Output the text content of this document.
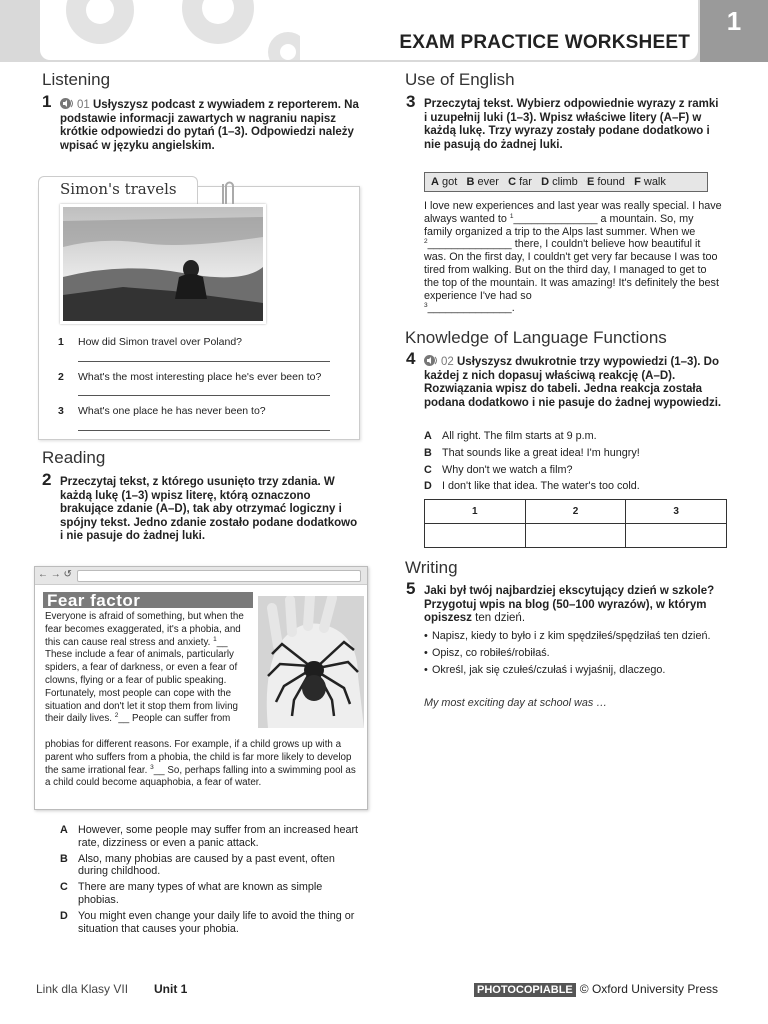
EXAM PRACTICE WORKSHEET
1
Listening
1 01 Usłyszysz podcast z wywiadem z reporterem. Na podstawie informacji zawartych w nagraniu napisz krótkie odpowiedzi do pytań (1–3). Odpowiedzi należy wpisać w języku angielskim.
Simon's travels
1 How did Simon travel over Poland?
2 What's the most interesting place he's ever been to?
3 What's one place he has never been to?
Reading
2 Przeczytaj tekst, z którego usunięto trzy zdania. W każdą lukę (1–3) wpisz literę, którą oznaczono brakujące zdanie (A–D), tak aby otrzymać logiczny i spójny tekst. Jedno zdanie zostało podane dodatkowo i nie pasuje do żadnej luki.
← → ↺
Fear factor
Everyone is afraid of something, but when the fear becomes exaggerated, it's a phobia, and this can cause real stress and anxiety. $^1$__ These include a fear of animals, particularly spiders, a fear of darkness, or even a fear of clowns, flying or a fear of public speaking. Fortunately, most people can cope with the situation and don't let it stop them from living their daily lives. $^2$__ People can suffer from
phobias for different reasons. For example, if a child grows up with a parent who suffers from a phobia, the child is far more likely to develop the same irrational fear. $^3$__ So, perhaps falling into a swimming pool as a child could become aquaphobia, a fear of water.
A However, some people may suffer from an increased heart rate, dizziness or even a panic attack.
B Also, many phobias are caused by a past event, often during childhood.
C There are many types of what are known as simple phobias.
D You might even change your daily life to avoid the thing or situation that causes your phobia.
Use of English
3 Przeczytaj tekst. Wybierz odpowiednie wyrazy z ramki i uzupełnij luki (1–3). Wpisz właściwe litery (A–F) w każdą lukę. Trzy wyrazy zostały podane dodatkowo i nie pasują do żadnej luki.
A got B ever C far D climb E found F walk
I love new experiences and last year was really special. I have always wanted to $^1$______________ a mountain. So, my family organized a trip to the Alps last summer. When we $^2$______________ there, I couldn't believe how beautiful it was. On the first day, I couldn't get very far because I was too tired from walking. But on the third day, I managed to get to the top of the mountain. It was amazing! It's definitely the best experience I've had so
$^3$______________.
Knowledge of Language Functions
4 02 Usłyszysz dwukrotnie trzy wypowiedzi (1–3). Do każdej z nich dopasuj właściwą reakcję (A–D). Rozwiązania wpisz do tabeli. Jedna reakcja została podana dodatkowo i nie pasuje do żadnej wypowiedzi.
A All right. The film starts at 9 p.m.
B That sounds like a great idea! I'm hungry!
C Why don't we watch a film?
D I don't like that idea. The water's too cold.
1	2	3

Writing
5 Jaki był twój najbardziej ekscytujący dzień w szkole? Przygotuj wpis na blog (50–100 wyrazów), w którym opiszesz ten dzień.
• Napisz, kiedy to było i z kim spędziłeś/spędziłaś ten dzień.
• Opisz, co robiłeś/robiłaś.
• Określ, jak się czułeś/czułaś i wyjaśnij, dlaczego.
My most exciting day at school was …
Link dla Klasy VII Unit 1	PHOTOCOPIABLE © Oxford University Press
